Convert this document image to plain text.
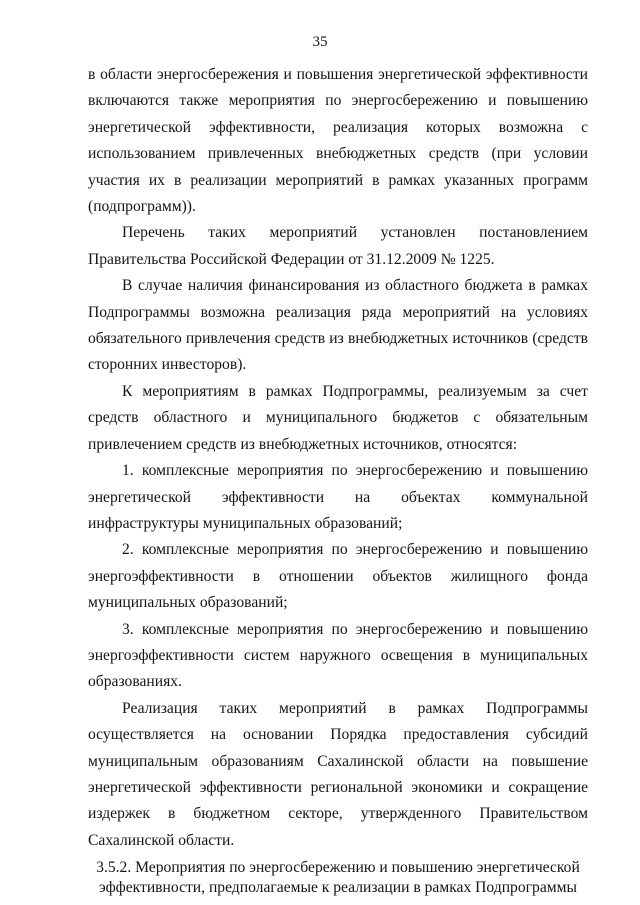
35

в области энергосбережения и повышения энергетической эффективности включаются также мероприятия по энергосбережению и повышению энергетической эффективности, реализация которых возможна с использованием привлеченных внебюджетных средств (при условии участия их в реализации мероприятий в рамках указанных программ (подпрограмм)).

Перечень таких мероприятий установлен постановлением Правительства Российской Федерации от 31.12.2009 № 1225.

В случае наличия финансирования из областного бюджета в рамках Подпрограммы возможна реализация ряда мероприятий на условиях обязательного привлечения средств из внебюджетных источников (средств сторонних инвесторов).

К мероприятиям в рамках Подпрограммы, реализуемым за счет средств областного и муниципального бюджетов с обязательным привлечением средств из внебюджетных источников, относятся:

1. комплексные мероприятия по энергосбережению и повышению энергетической эффективности на объектах коммунальной инфраструктуры муниципальных образований;

2. комплексные мероприятия по энергосбережению и повышению энергоэффективности в отношении объектов жилищного фонда муниципальных образований;

3. комплексные мероприятия по энергосбережению и повышению энергоэффективности систем наружного освещения в муниципальных образованиях.

Реализация таких мероприятий в рамках Подпрограммы осуществляется на основании Порядка предоставления субсидий муниципальным образованиям Сахалинской области на повышение энергетической эффективности региональной экономики и сокращение издержек в бюджетном секторе, утвержденного Правительством Сахалинской области.

3.5.2. Мероприятия по энергосбережению и повышению энергетической эффективности, предполагаемые к реализации в рамках Подпрограммы
